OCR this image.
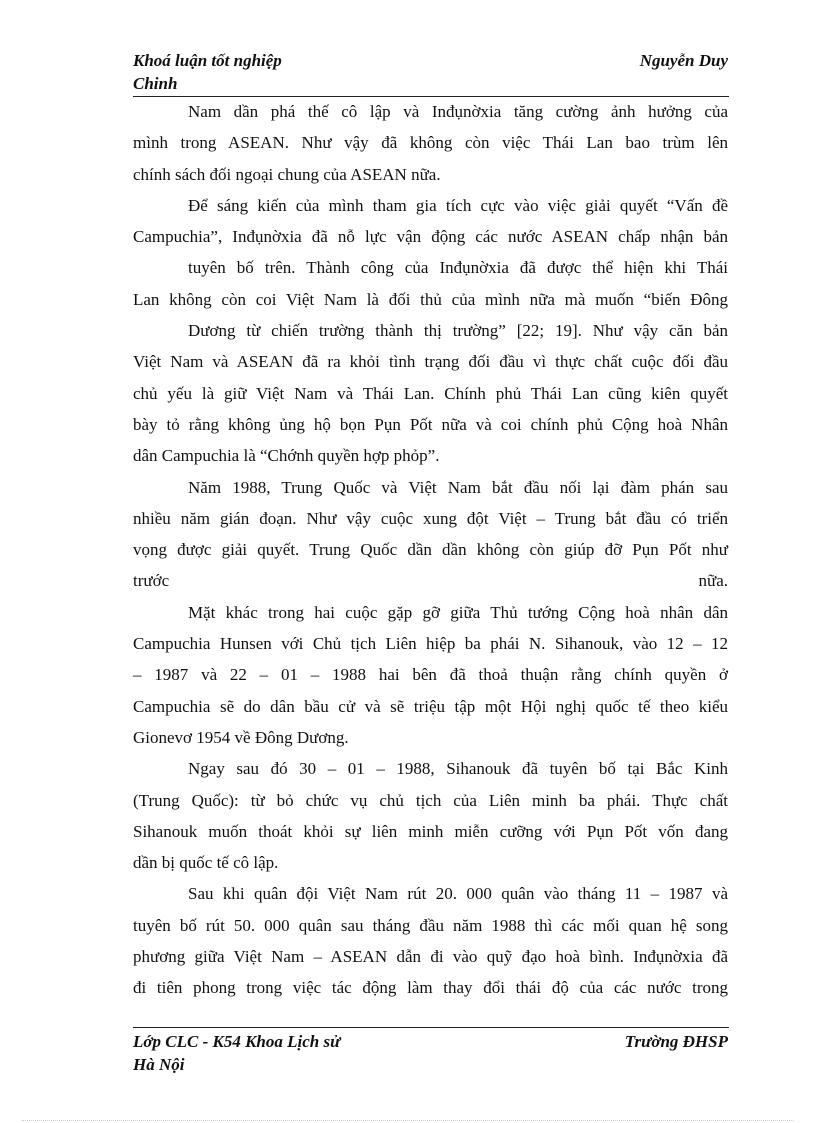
Khoá luận tốt nghiệp	Nguyễn Duy
Chinh
Nam dần phá thế cô lập và Inđụnờxia tăng cường ảnh hưởng của
mình trong ASEAN. Như vậy đã không còn việc Thái Lan bao trùm lên
chính sách đối ngoại chung của ASEAN nữa.
Để sáng kiến của mình tham gia tích cực vào việc giải quyết “Vấn đề
Campuchia”, Inđụnờxia đã nỗ lực vận động các nước ASEAN chấp nhận bản
tuyên bố trên. Thành công của Inđụnờxia đã được thể hiện khi Thái
Lan không còn coi Việt Nam là đối thủ của mình nữa mà muốn “biến Đông
Dương từ chiến trường thành thị trường” [22; 19]. Như vậy căn bản
Việt Nam và ASEAN đã ra khỏi tình trạng đối đầu vì thực chất cuộc đối đầu
chủ yếu là giữ Việt Nam và Thái Lan. Chính phủ Thái Lan cũng kiên quyết
bày tỏ rằng không ủng hộ bọn Pụn Pốt nữa và coi chính phủ Cộng hoà Nhân
dân Campuchia là “Chớnh quyền hợp phỏp”.
Năm 1988, Trung Quốc và Việt Nam bắt đầu nối lại đàm phán sau
nhiều năm gián đoạn. Như vậy cuộc xung đột Việt – Trung bắt đầu có triển
vọng được giải quyết. Trung Quốc dần dần không còn giúp đỡ Pụn Pốt như
trước nữa.
Mặt khác trong hai cuộc gặp gỡ giữa Thủ tướng Cộng hoà nhân dân
Campuchia Hunsen với Chủ tịch Liên hiệp ba phái N. Sihanouk, vào 12 – 12
– 1987 và 22 – 01 – 1988 hai bên đã thoả thuận rằng chính quyền ở
Campuchia sẽ do dân bầu cử và sẽ triệu tập một Hội nghị quốc tế theo kiểu
Gionevơ 1954 về Đông Dương.
Ngay sau đó 30 – 01 – 1988, Sihanouk đã tuyên bố tại Bắc Kinh
(Trung Quốc): từ bỏ chức vụ chủ tịch của Liên minh ba phái. Thực chất
Sihanouk muốn thoát khỏi sự liên minh miễn cưỡng với Pụn Pốt vốn đang
dần bị quốc tế cô lập.
Sau khi quân đội Việt Nam rút 20. 000 quân vào tháng 11 – 1987 và
tuyên bố rút 50. 000 quân sau tháng đầu năm 1988 thì các mối quan hệ song
phương giữa Việt Nam – ASEAN dẫn đi vào quỹ đạo hoà bình. Inđụnờxia đã
đi tiên phong trong việc tác động làm thay đổi thái độ của các nước trong
Lớp CLC - K54 Khoa Lịch sử	Trường ĐHSP
Hà Nội
